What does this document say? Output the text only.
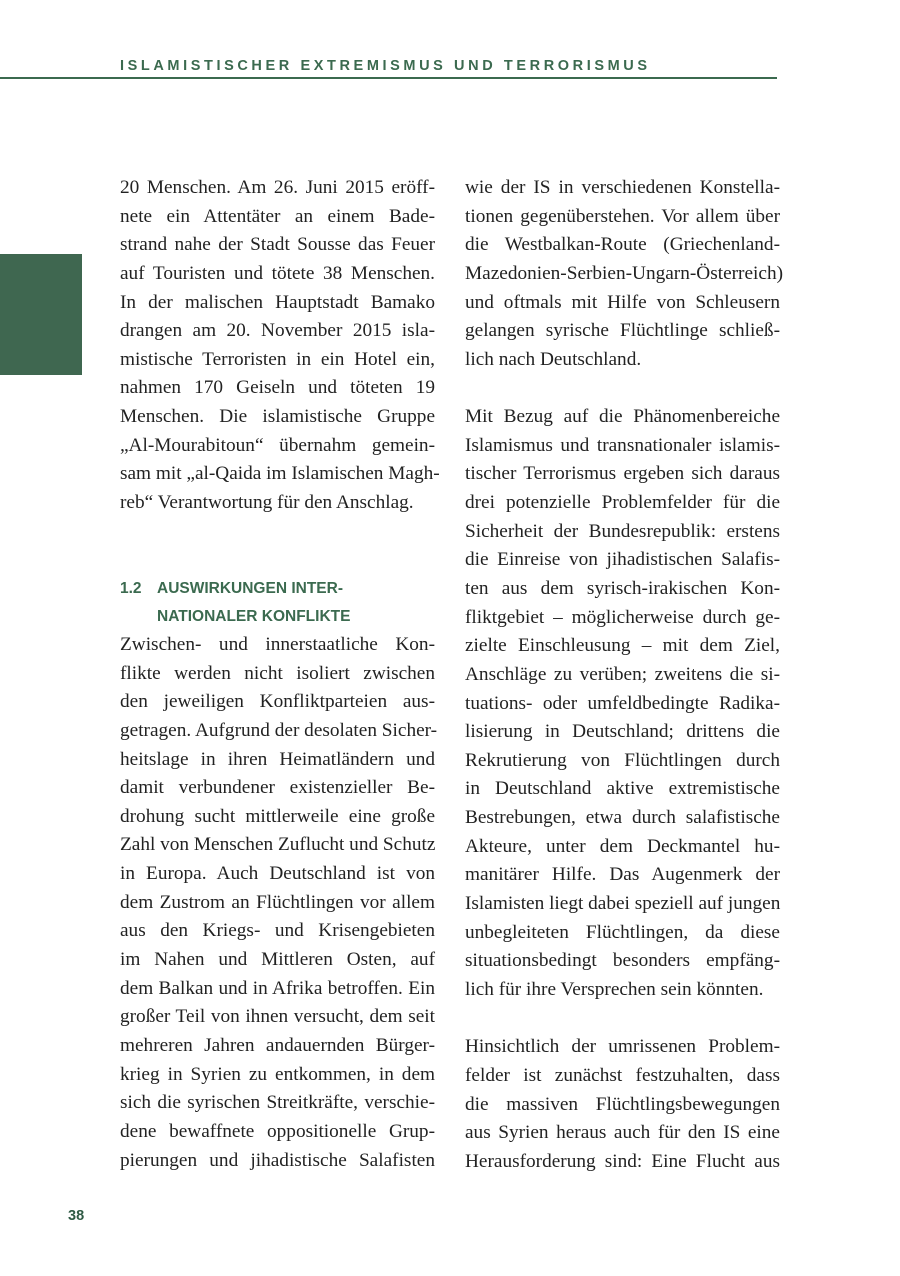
ISLAMISTISCHER EXTREMISMUS UND TERRORISMUS
20 Menschen. Am 26. Juni 2015 eröff-
nete ein Attentäter an einem Bade-
strand nahe der Stadt Sousse das Feuer
auf Touristen und tötete 38 Menschen.
In der malischen Hauptstadt Bamako
drangen am 20. November 2015 isla-
mistische Terroristen in ein Hotel ein,
nahmen 170 Geiseln und töteten 19
Menschen. Die islamistische Gruppe
„Al-Mourabitoun“ übernahm gemein-
sam mit „al-Qaida im Islamischen Magh-
reb“ Verantwortung für den Anschlag.
1.2 AUSWIRKUNGEN INTER-
NATIONALER KONFLIKTE
Zwischen- und innerstaatliche Kon-
flikte werden nicht isoliert zwischen
den jeweiligen Konfliktparteien aus-
getragen. Aufgrund der desolaten Sicher-
heitslage in ihren Heimatländern und
damit verbundener existenzieller Be-
drohung sucht mittlerweile eine große
Zahl von Menschen Zuflucht und Schutz
in Europa. Auch Deutschland ist von
dem Zustrom an Flüchtlingen vor allem
aus den Kriegs- und Krisengebieten
im Nahen und Mittleren Osten, auf
dem Balkan und in Afrika betroffen. Ein
großer Teil von ihnen versucht, dem seit
mehreren Jahren andauernden Bürger-
krieg in Syrien zu entkommen, in dem
sich die syrischen Streitkräfte, verschie-
dene bewaffnete oppositionelle Grup-
pierungen und jihadistische Salafisten
wie der IS in verschiedenen Konstella-
tionen gegenüberstehen. Vor allem über
die Westbalkan-Route (Griechenland-
Mazedonien-Serbien-Ungarn-Österreich)
und oftmals mit Hilfe von Schleusern
gelangen syrische Flüchtlinge schließ-
lich nach Deutschland.
Mit Bezug auf die Phänomenbereiche
Islamismus und transnationaler islamis-
tischer Terrorismus ergeben sich daraus
drei potenzielle Problemfelder für die
Sicherheit der Bundesrepublik: erstens
die Einreise von jihadistischen Salafis-
ten aus dem syrisch-irakischen Kon-
fliktgebiet – möglicherweise durch ge-
zielte Einschleusung – mit dem Ziel,
Anschläge zu verüben; zweitens die si-
tuations- oder umfeldbedingte Radika-
lisierung in Deutschland; drittens die
Rekrutierung von Flüchtlingen durch
in Deutschland aktive extremistische
Bestrebungen, etwa durch salafistische
Akteure, unter dem Deckmantel hu-
manitärer Hilfe. Das Augenmerk der
Islamisten liegt dabei speziell auf jungen
unbegleiteten Flüchtlingen, da diese
situationsbedingt besonders empfäng-
lich für ihre Versprechen sein könnten.
Hinsichtlich der umrissenen Problem-
felder ist zunächst festzuhalten, dass
die massiven Flüchtlingsbewegungen
aus Syrien heraus auch für den IS eine
Herausforderung sind: Eine Flucht aus
38
